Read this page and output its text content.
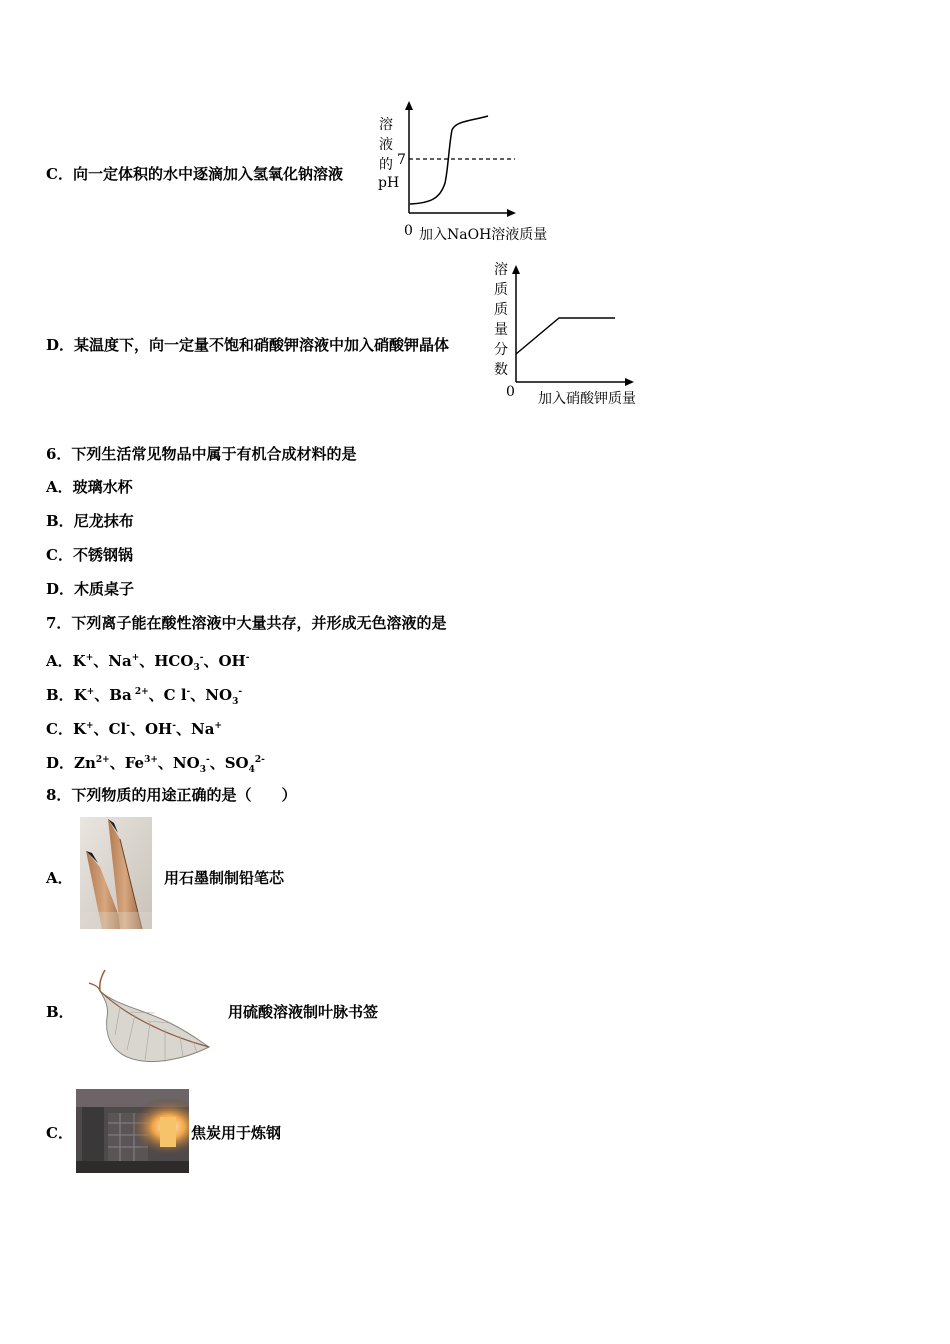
C．向一定体积的水中逐滴加入氢氧化钠溶液
溶
液
的
pH
7
0 加入NaOH溶液质量
D．某温度下，向一定量不饱和硝酸钾溶液中加入硝酸钾晶体
溶
质
质
量
分
数
0 加入硝酸钾质量
6．下列生活常见物品中属于有机合成材料的是
A．玻璃水杯
B．尼龙抹布
C．不锈钢锅
D．木质桌子
7．下列离子能在酸性溶液中大量共存，并形成无色溶液的是
A．K+、Na+、$HCO_3^-$、OH-
B．K+、Ba $^{2+}$、C l-、$NO_3^-$
C．K+、Cl-、OH-、Na+
D．$Zn^{2+}$、$Fe^{3+}$、$NO_3^-$、$SO_4^{2-}$
8．下列物质的用途正确的是（　　）
A．	用石墨制制铅笔芯
B．	用硫酸溶液制叶脉书签
C．	焦炭用于炼钢
